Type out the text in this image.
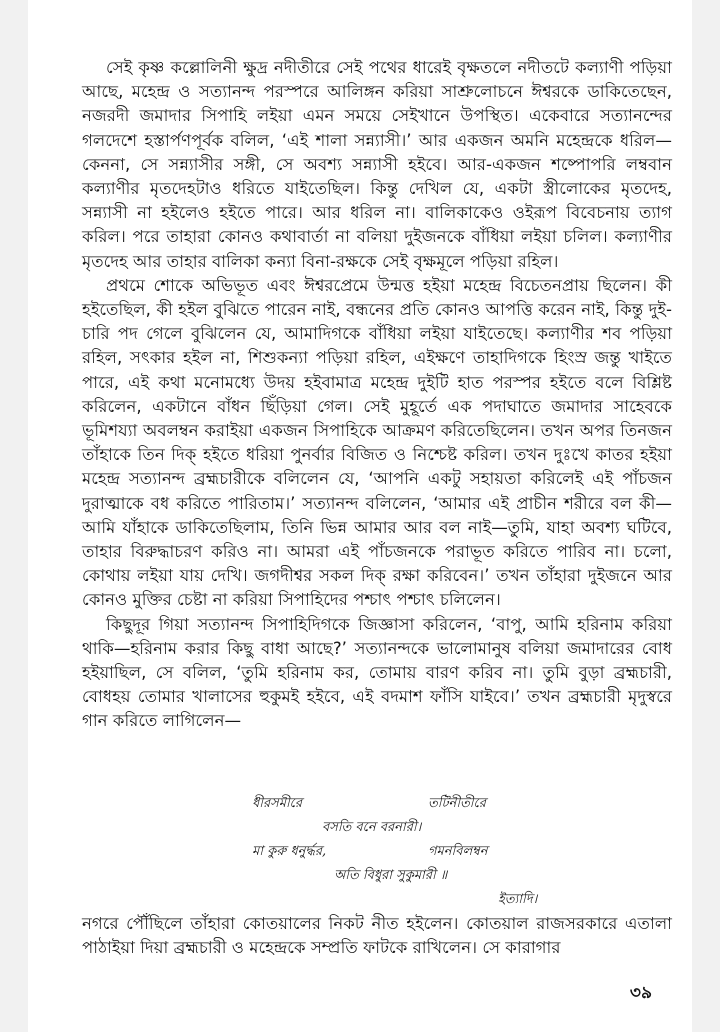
সেই কৃষ্ণ কল্লোলিনী ক্ষুদ্র নদীতীরে সেই পথের ধারেই বৃক্ষতলে নদীতটে কল্যাণী পড়িয়া আছে, মহেন্দ্র ও সত্যানন্দ পরস্পরে আলিঙ্গন করিয়া সাশ্রুলোচনে ঈশ্বরকে ডাকিতেছেন, নজরদী জমাদার সিপাহি লইয়া এমন সময়ে সেইখানে উপস্থিত। একেবারে সত্যানন্দের গলদেশে হস্তার্পণপূর্বক বলিল, ‘এই শালা সন্ন্যাসী।’ আর একজন অমনি মহেন্দ্রকে ধরিল—কেননা, সে সন্ন্যাসীর সঙ্গী, সে অবশ্য সন্ন্যাসী হইবে। আর-একজন শষ্পোপরি লম্ববান কল্যাণীর মৃতদেহটাও ধরিতে যাইতেছিল। কিন্তু দেখিল যে, একটা স্ত্রীলোকের মৃতদেহ, সন্ন্যাসী না হইলেও হইতে পারে। আর ধরিল না। বালিকাকেও ওইরূপ বিবেচনায় ত্যাগ করিল। পরে তাহারা কোনও কথাবার্তা না বলিয়া দুইজনকে বাঁধিয়া লইয়া চলিল। কল্যাণীর মৃতদেহ আর তাহার বালিকা কন্যা বিনা-রক্ষকে সেই বৃক্ষমূলে পড়িয়া রহিল।

প্রথমে শোকে অভিভূত এবং ঈশ্বরপ্রেমে উন্মত্ত হইয়া মহেন্দ্র বিচেতনপ্রায় ছিলেন। কী হইতেছিল, কী হইল বুঝিতে পারেন নাই, বন্ধনের প্রতি কোনও আপত্তি করেন নাই, কিন্তু দুই-চারি পদ গেলে বুঝিলেন যে, আমাদিগকে বাঁধিয়া লইয়া যাইতেছে। কল্যাণীর শব পড়িয়া রহিল, সৎকার হইল না, শিশুকন্যা পড়িয়া রহিল, এইক্ষণে তাহাদিগকে হিংস্র জন্তু খাইতে পারে, এই কথা মনোমধ্যে উদয় হইবামাত্র মহেন্দ্র দুইটি হাত পরস্পর হইতে বলে বিশ্লিষ্ট করিলেন, একটানে বাঁধন ছিঁড়িয়া গেল। সেই মুহূর্তে এক পদাঘাতে জমাদার সাহেবকে ভূমিশয্যা অবলম্বন করাইয়া একজন সিপাহিকে আক্রমণ করিতেছিলেন। তখন অপর তিনজন তাঁহাকে তিন দিক্ হইতে ধরিয়া পুনর্বার বিজিত ও নিশ্চেষ্ট করিল। তখন দুঃখে কাতর হইয়া মহেন্দ্র সত্যানন্দ ব্রহ্মচারীকে বলিলেন যে, ‘আপনি একটু সহায়তা করিলেই এই পাঁচজন দুরাত্মাকে বধ করিতে পারিতাম।’ সত্যানন্দ বলিলেন, ‘আমার এই প্রাচীন শরীরে বল কী—আমি যাঁহাকে ডাকিতেছিলাম, তিনি ভিন্ন আমার আর বল নাই—তুমি, যাহা অবশ্য ঘটিবে, তাহার বিরুদ্ধাচরণ করিও না। আমরা এই পাঁচজনকে পরাভূত করিতে পারিব না। চলো, কোথায় লইয়া যায় দেখি। জগদীশ্বর সকল দিক্ রক্ষা করিবেন।’ তখন তাঁহারা দুইজনে আর কোনও মুক্তির চেষ্টা না করিয়া সিপাহিদের পশ্চাৎ পশ্চাৎ চলিলেন।

কিছুদূর গিয়া সত্যানন্দ সিপাহিদিগকে জিজ্ঞাসা করিলেন, ‘বাপু, আমি হরিনাম করিয়া থাকি—হরিনাম করার কিছু বাধা আছে?’ সত্যানন্দকে ভালোমানুষ বলিয়া জমাদারের বোধ হইয়াছিল, সে বলিল, ‘তুমি হরিনাম কর, তোমায় বারণ করিব না। তুমি বুড়া ব্রহ্মচারী, বোধহয় তোমার খালাসের হুকুমই হইবে, এই বদমাশ ফাঁসি যাইবে।’ তখন ব্রহ্মচারী মৃদুস্বরে গান করিতে লাগিলেন—

ধীরসমীরে	তটিনীতীরে
বসতি বনে বরনারী।
মা কুরু ধনুর্দ্ধর,	গমনবিলম্বন
অতি বিধুরা সুকুমারী ॥
ইত্যাদি।

নগরে পৌঁছিলে তাঁহারা কোতয়ালের নিকট নীত হইলেন। কোতয়াল রাজসরকারে এতালা পাঠাইয়া দিয়া ব্রহ্মচারী ও মহেন্দ্রকে সম্প্রতি ফাটকে রাখিলেন। সে কারাগার

৩৯
